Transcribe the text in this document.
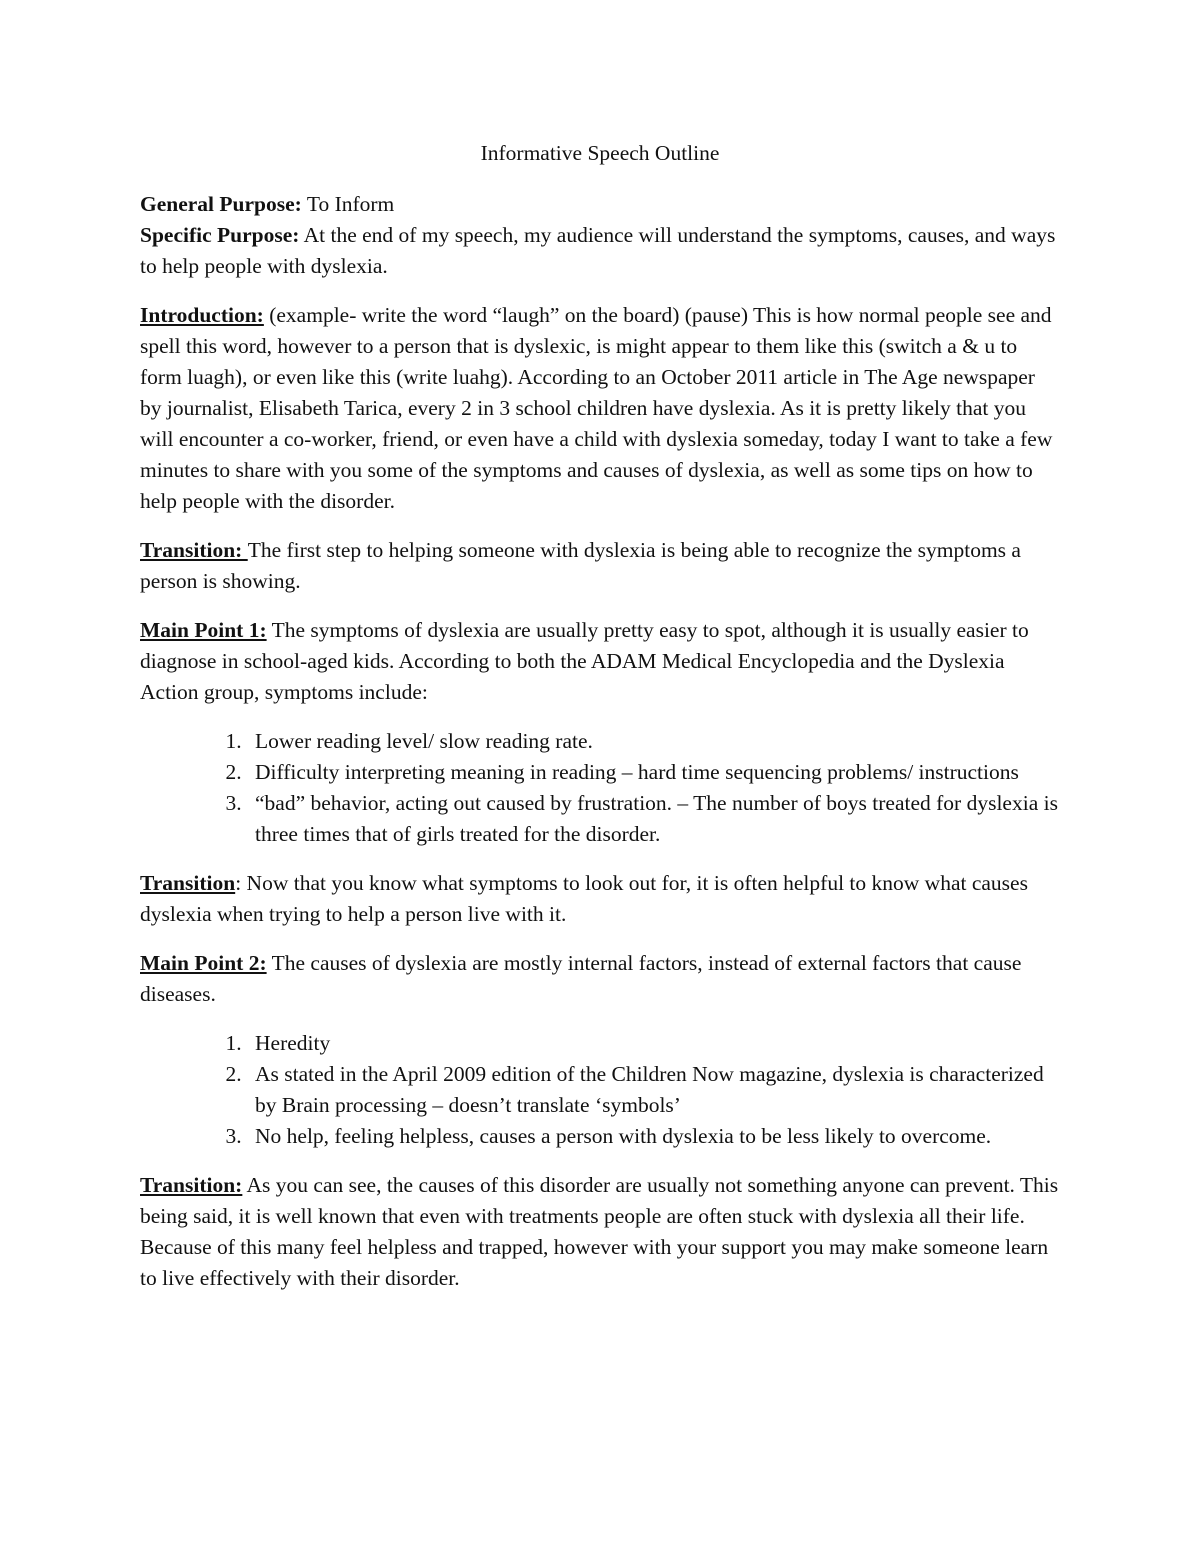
Informative Speech Outline
General Purpose: To Inform
Specific Purpose: At the end of my speech, my audience will understand the symptoms, causes, and ways to help people with dyslexia.
Introduction: (example- write the word “laugh” on the board) (pause) This is how normal people see and spell this word, however to a person that is dyslexic, is might appear to them like this (switch a & u to form luagh), or even like this (write luahg). According to an October 2011 article in The Age newspaper by journalist, Elisabeth Tarica, every 2 in 3 school children have dyslexia. As it is pretty likely that you will encounter a co-worker, friend, or even have a child with dyslexia someday, today I want to take a few minutes to share with you some of the symptoms and causes of dyslexia, as well as some tips on how to help people with the disorder.
Transition: The first step to helping someone with dyslexia is being able to recognize the symptoms a person is showing.
Main Point 1: The symptoms of dyslexia are usually pretty easy to spot, although it is usually easier to diagnose in school-aged kids. According to both the ADAM Medical Encyclopedia and the Dyslexia Action group, symptoms include:
1. Lower reading level/ slow reading rate.
2. Difficulty interpreting meaning in reading – hard time sequencing problems/ instructions
3. “bad” behavior, acting out caused by frustration. – The number of boys treated for dyslexia is three times that of girls treated for the disorder.
Transition: Now that you know what symptoms to look out for, it is often helpful to know what causes dyslexia when trying to help a person live with it.
Main Point 2: The causes of dyslexia are mostly internal factors, instead of external factors that cause diseases.
1. Heredity
2. As stated in the April 2009 edition of the Children Now magazine, dyslexia is characterized by Brain processing – doesn’t translate ‘symbols’
3. No help, feeling helpless, causes a person with dyslexia to be less likely to overcome.
Transition: As you can see, the causes of this disorder are usually not something anyone can prevent. This being said, it is well known that even with treatments people are often stuck with dyslexia all their life. Because of this many feel helpless and trapped, however with your support you may make someone learn to live effectively with their disorder.
